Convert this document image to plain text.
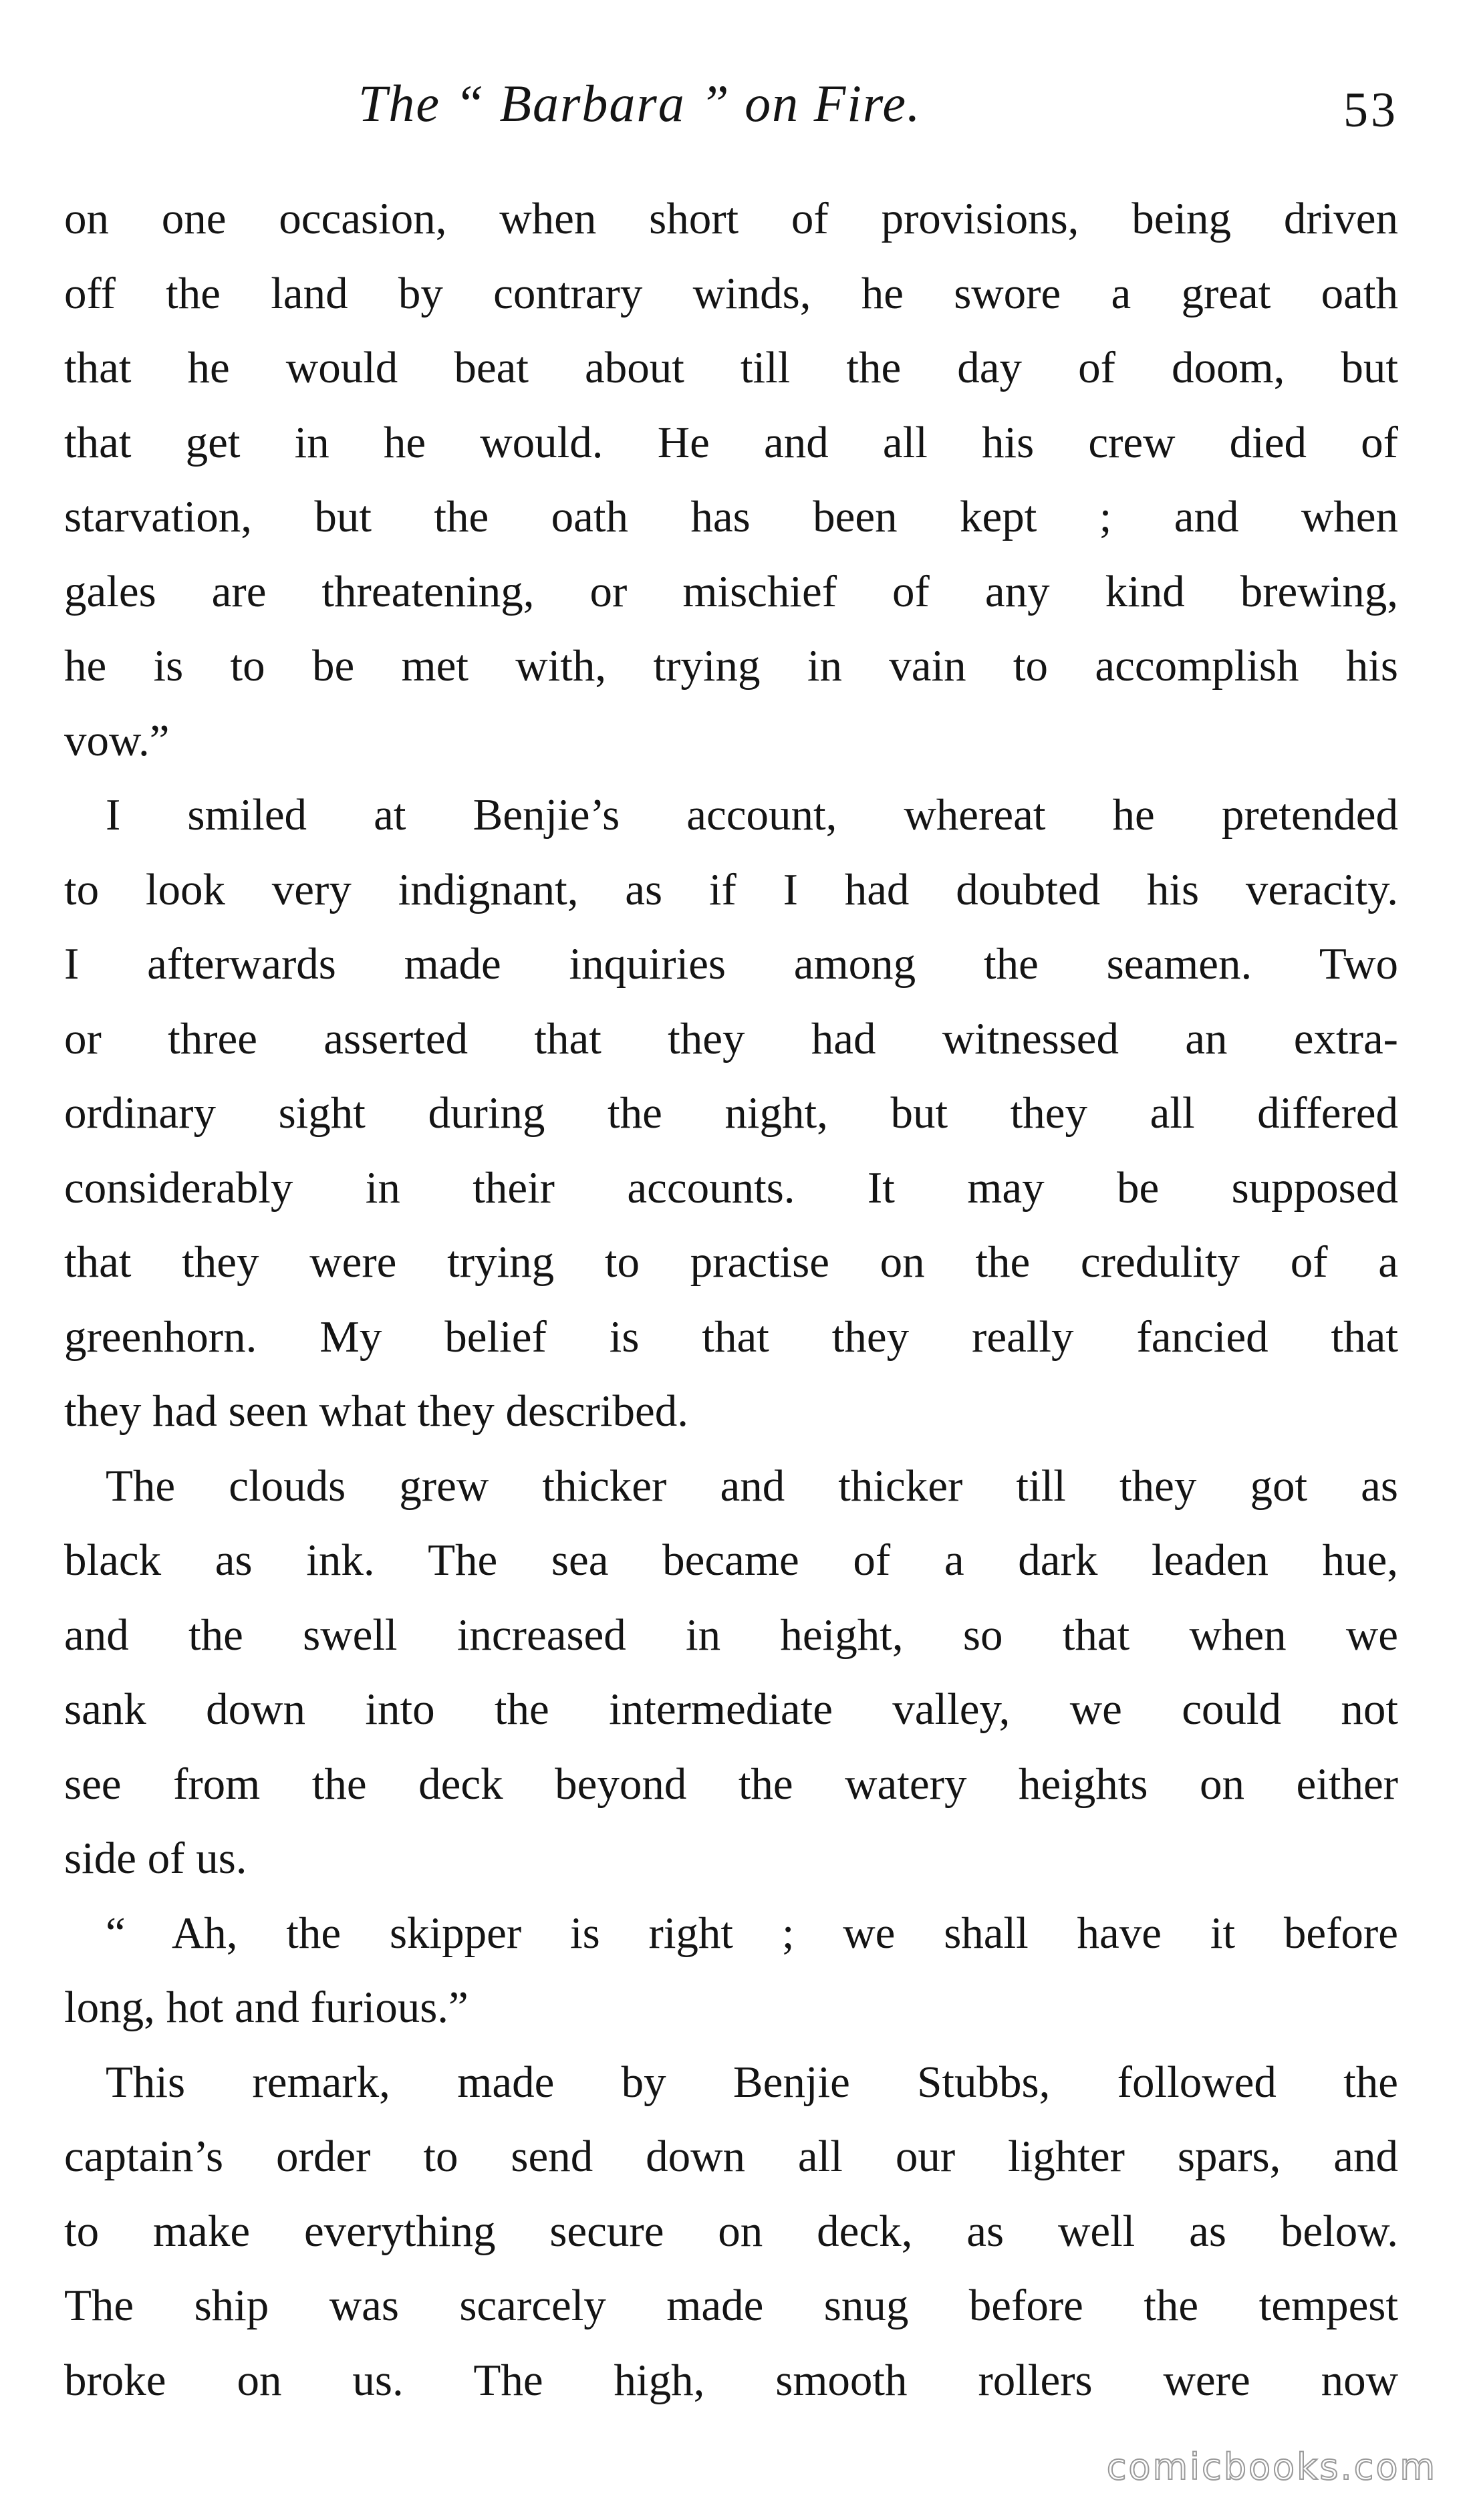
The “ Barbara ” on Fire.	53
on one occasion, when short of provisions, being driven
off the land by contrary winds, he swore a great oath
that he would beat about till the day of doom, but
that get in he would. He and all his crew died of
starvation, but the oath has been kept ; and when
gales are threatening, or mischief of any kind brewing,
he is to be met with, trying in vain to accomplish his
vow.”
I smiled at Benjie’s account, whereat he pretended
to look very indignant, as if I had doubted his veracity.
I afterwards made inquiries among the seamen. Two
or three asserted that they had witnessed an extra-
ordinary sight during the night, but they all differed
considerably in their accounts. It may be supposed
that they were trying to practise on the credulity of a
greenhorn. My belief is that they really fancied that
they had seen what they described.
The clouds grew thicker and thicker till they got as
black as ink. The sea became of a dark leaden hue,
and the swell increased in height, so that when we
sank down into the intermediate valley, we could not
see from the deck beyond the watery heights on either
side of us.
“ Ah, the skipper is right ; we shall have it before
long, hot and furious.”
This remark, made by Benjie Stubbs, followed the
captain’s order to send down all our lighter spars, and
to make everything secure on deck, as well as below.
The ship was scarcely made snug before the tempest
broke on us. The high, smooth rollers were now
comicbooks.com
